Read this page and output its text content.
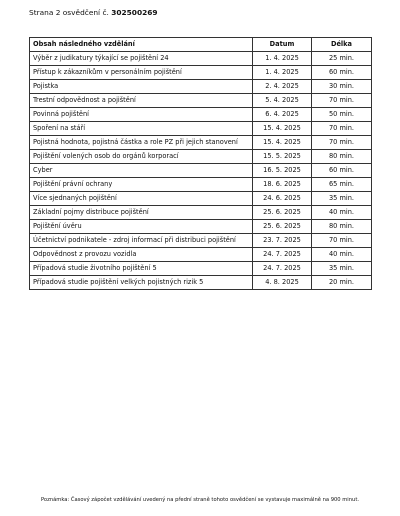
Strana 2 osvědčení č. 302500269
Obsah následného vzdělání	Datum	Délka
Výběr z judikatury týkající se pojištění 24	1. 4. 2025	25 min.
Přístup k zákazníkům v personálním pojištění	1. 4. 2025	60 min.
Pojistka	2. 4. 2025	30 min.
Trestní odpovědnost a pojištění	5. 4. 2025	70 min.
Povinná pojištění	6. 4. 2025	50 min.
Spoření na stáří	15. 4. 2025	70 min.
Pojistná hodnota, pojistná částka a role PZ při jejich stanovení	15. 4. 2025	70 min.
Pojištění volených osob do orgánů korporací	15. 5. 2025	80 min.
Cyber	16. 5. 2025	60 min.
Pojištění právní ochrany	18. 6. 2025	65 min.
Více sjednaných pojištění	24. 6. 2025	35 min.
Základní pojmy distribuce pojištění	25. 6. 2025	40 min.
Pojištění úvěru	25. 6. 2025	80 min.
Účetnictví podnikatele - zdroj informací při distribuci pojištění	23. 7. 2025	70 min.
Odpovědnost z provozu vozidla	24. 7. 2025	40 min.
Případová studie životního pojištění 5	24. 7. 2025	35 min.
Případová studie pojištění velkých pojistných rizik 5	4. 8. 2025	20 min.
Poznámka: Časový zápočet vzdělávání uvedený na přední straně tohoto osvědčení se vystavuje maximálně na 900 minut.
